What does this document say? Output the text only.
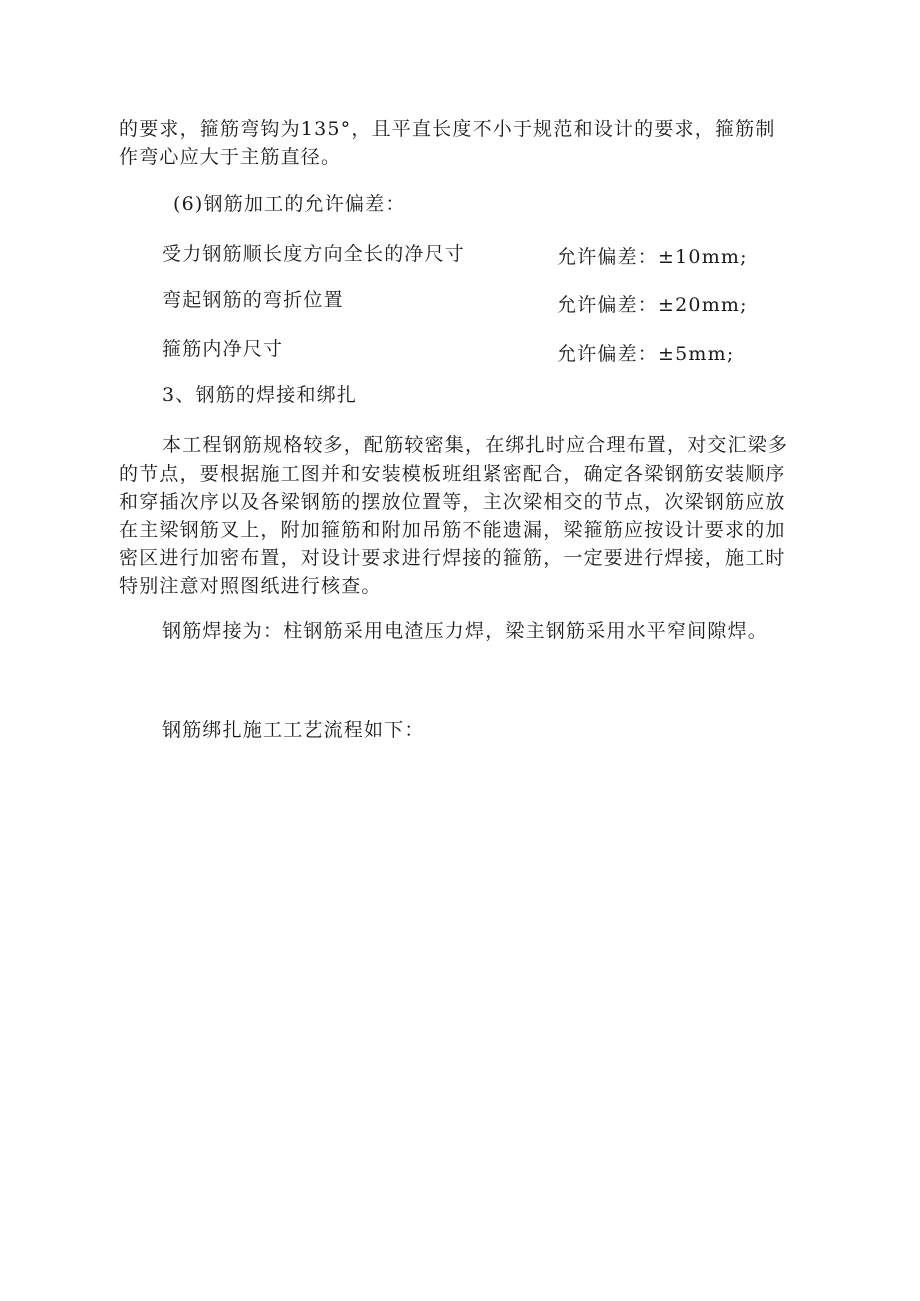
的要求，箍筋弯钩为135°，且平直长度不小于规范和设计的要求，箍筋制
作弯心应大于主筋直径。
(6)钢筋加工的允许偏差：
受力钢筋顺长度方向全长的净尺寸	允许偏差：±10mm;
弯起钢筋的弯折位置	允许偏差：±20mm;
箍筋内净尺寸	允许偏差：±5mm;
3、钢筋的焊接和绑扎
本工程钢筋规格较多，配筋较密集，在绑扎时应合理布置，对交汇梁多
的节点，要根据施工图并和安装模板班组紧密配合，确定各梁钢筋安装顺序
和穿插次序以及各梁钢筋的摆放位置等，主次梁相交的节点，次梁钢筋应放
在主梁钢筋叉上，附加箍筋和附加吊筋不能遗漏，梁箍筋应按设计要求的加
密区进行加密布置，对设计要求进行焊接的箍筋，一定要进行焊接，施工时
特别注意对照图纸进行核查。
钢筋焊接为：柱钢筋采用电渣压力焊，梁主钢筋采用水平窄间隙焊。
钢筋绑扎施工工艺流程如下：
